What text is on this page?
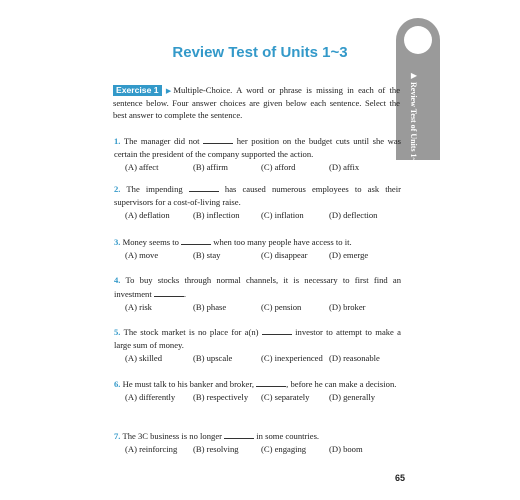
Review Test of Units 1~3
▶ Review Test of Units 1~3
Exercise 1 ▶Multiple-Choice. A word or phrase is missing in each of the sentence below. Four answer choices are given below each sentence. Select the best answer to complete the sentence.
1. The manager did not	her position on the budget cuts until she was certain the president of the company supported the action.
(A) affect	(B) affirm	(C) afford	(D) affix
2. The impending	has caused numerous employees to ask their supervisors for a cost-of-living raise.
(A) deflation	(B) inflection	(C) inflation	(D) deflection
3. Money seems to	when too many people have access to it.
(A) move	(B) stay	(C) disappear	(D) emerge
4. To buy stocks through normal channels, it is necessary to first find an investment	.
(A) risk	(B) phase	(C) pension	(D) broker
5. The stock market is no place for a(n)	investor to attempt to make a large sum of money.
(A) skilled	(B) upscale	(C) inexperienced (D) reasonable
6. He must talk to his banker and broker,	, before he can make a decision.
(A) differently	(B) respectively	(C) separately	(D) generally
7. The 3C business is no longer	in some countries.
(A) reinforcing	(B) resolving	(C) engaging	(D) boom
65
